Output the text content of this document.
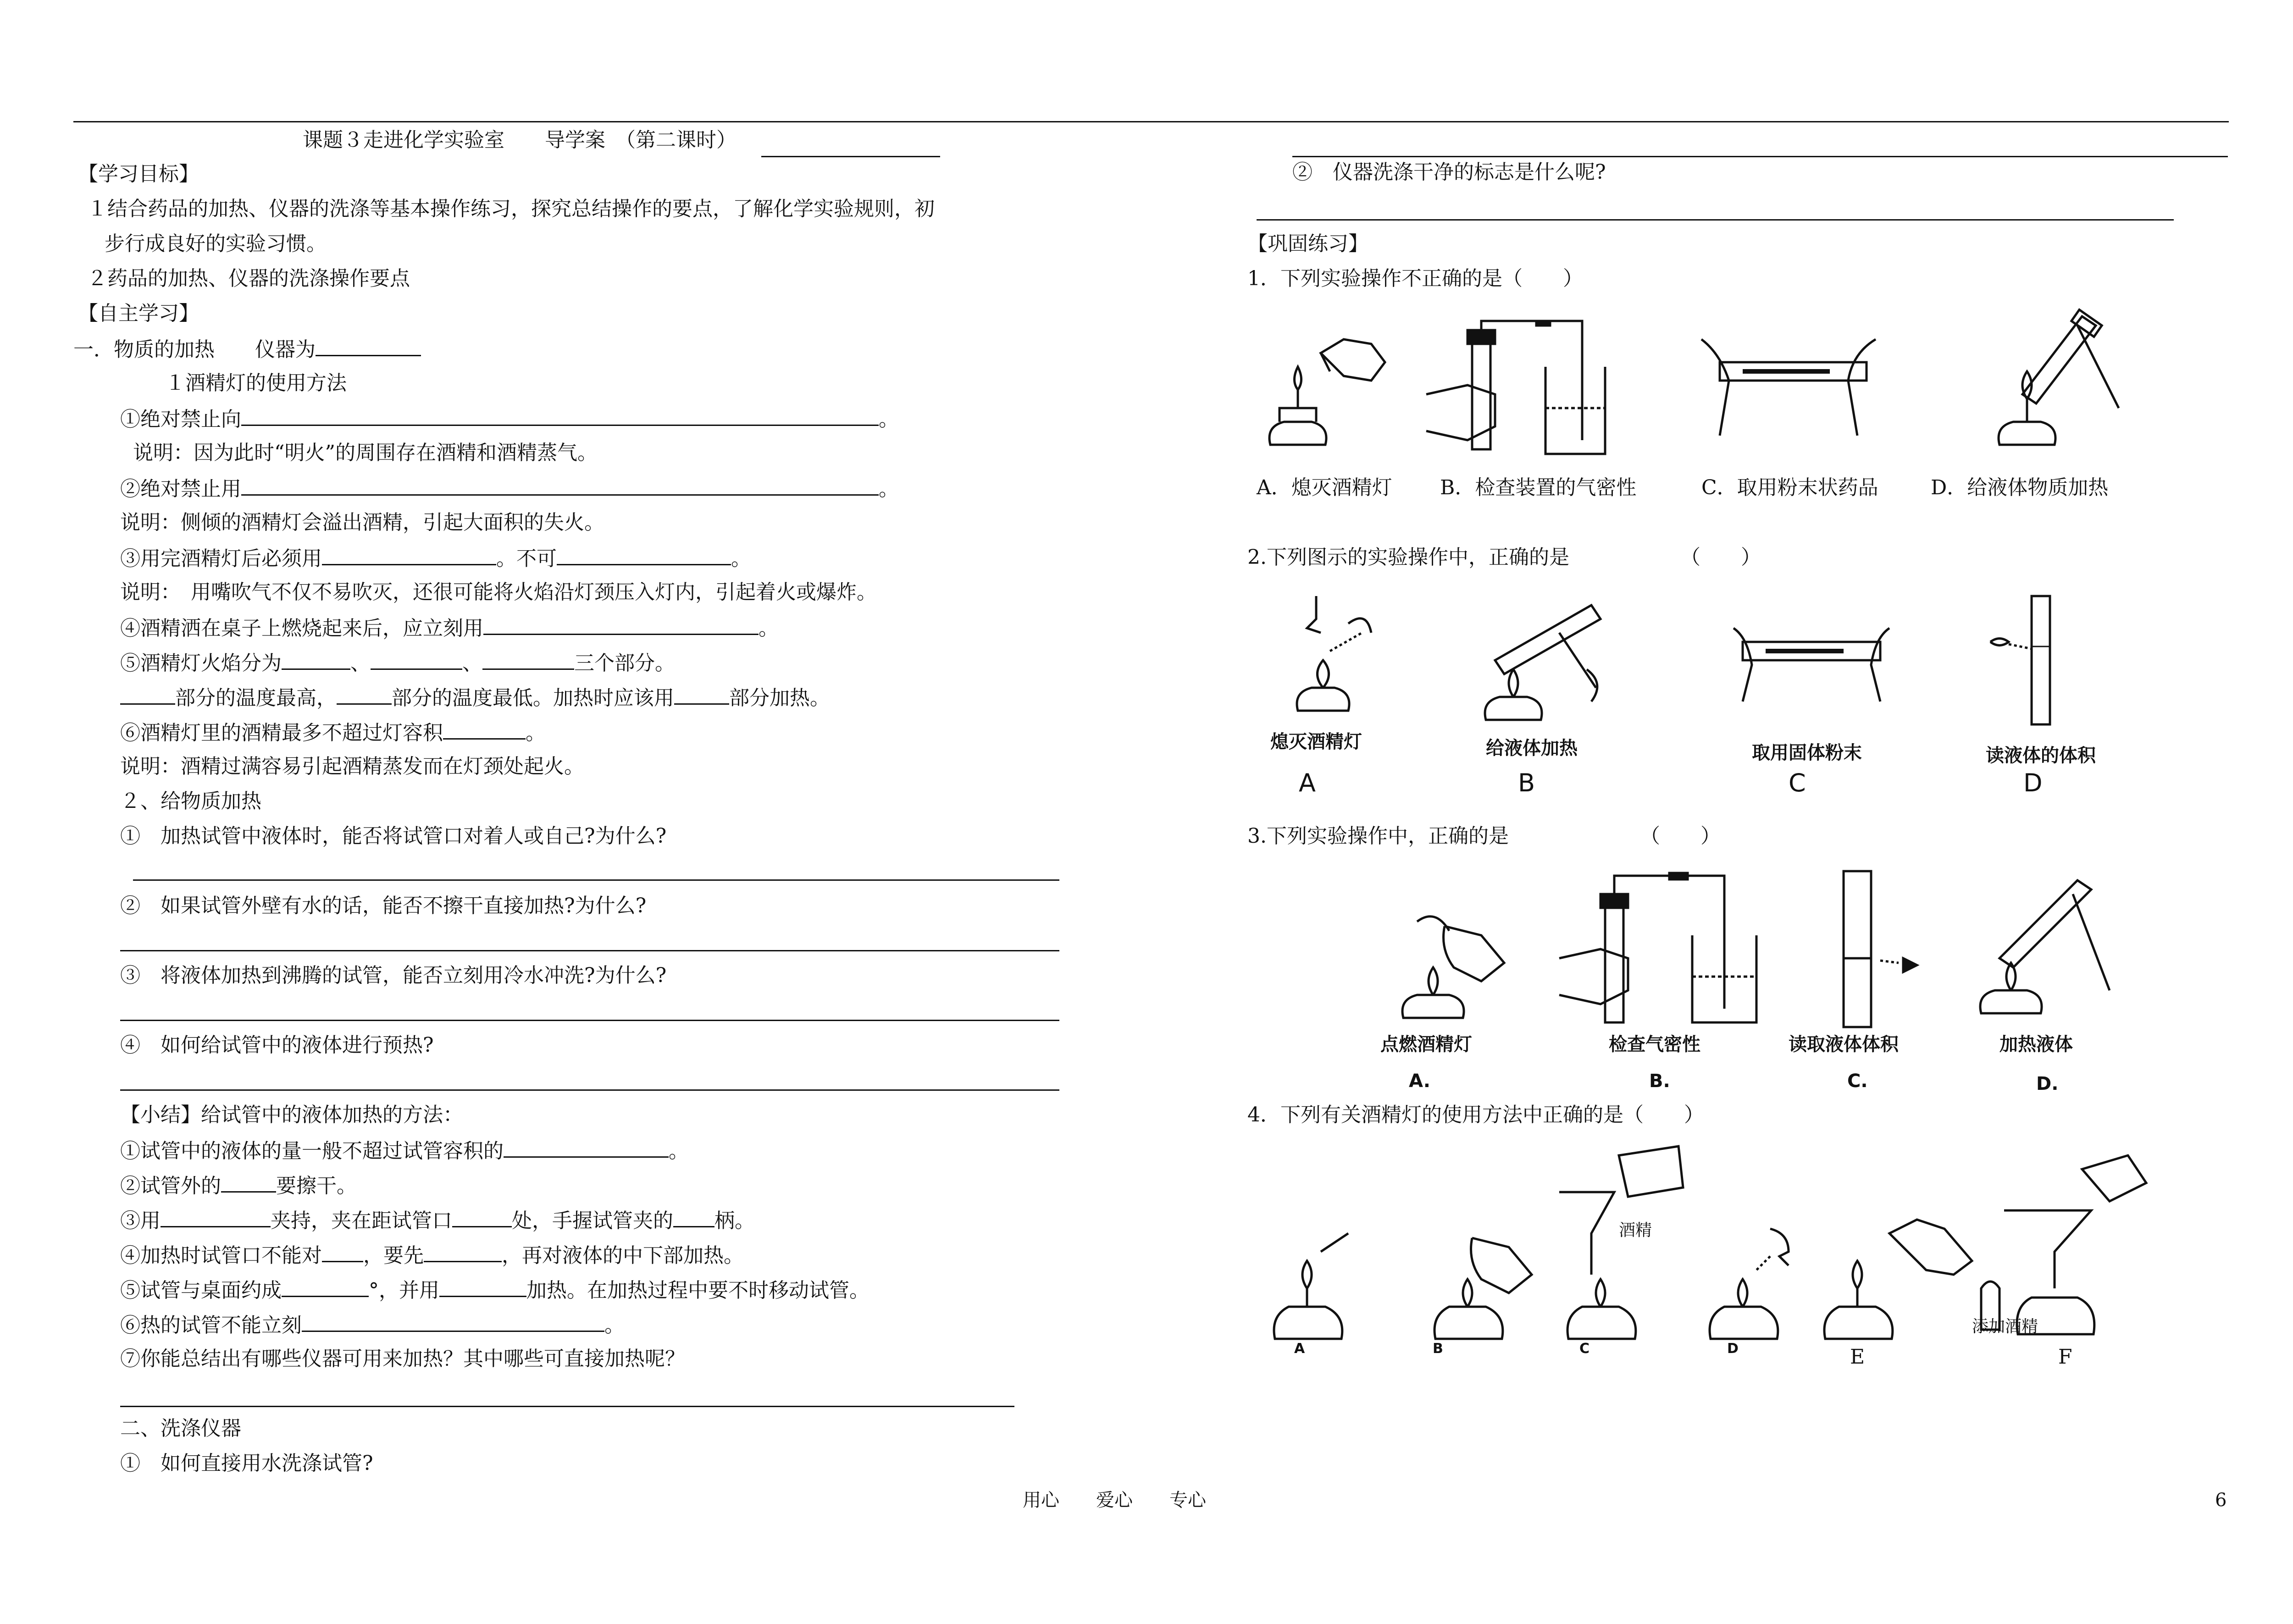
课题３走进化学实验室　　导学案　（第二课时）
【学习目标】
１结合药品的加热、仪器的洗涤等基本操作练习，探究总结操作的要点，了解化学实验规则，初
步行成良好的实验习惯。
２药品的加热、仪器的洗涤操作要点
【自主学习】
一．物质的加热　　仪器为
１酒精灯的使用方法
①绝对禁止向	。
说明：因为此时“明火”的周围存在酒精和酒精蒸气。
②绝对禁止用	。
说明：侧倾的酒精灯会溢出酒精，引起大面积的失火。
③用完酒精灯后必须用	。不可	。
说明：　用嘴吹气不仅不易吹灭，还很可能将火焰沿灯颈压入灯内，引起着火或爆炸。
④酒精洒在桌子上燃烧起来后，应立刻用	。
⑤酒精灯火焰分为	、	、	三个部分。
部分的温度最高，	部分的温度最低。加热时应该用	部分加热。
⑥酒精灯里的酒精最多不超过灯容积	。
说明：酒精过满容易引起酒精蒸发而在灯颈处起火。
２、给物质加热
①　加热试管中液体时，能否将试管口对着人或自己?为什么?
②　如果试管外壁有水的话，能否不擦干直接加热?为什么?
③　将液体加热到沸腾的试管，能否立刻用冷水冲洗?为什么?
④　如何给试管中的液体进行预热?
【小结】给试管中的液体加热的方法：
①试管中的液体的量一般不超过试管容积的	。
②试管外的	要擦干。
③用	夹持，夹在距试管口	处，手握试管夹的 柄。
④加热时试管口不能对 ，要先	，再对液体的中下部加热。
⑤试管与桌面约成	°，并用	加热。在加热过程中要不时移动试管。
⑥热的试管不能立刻	。
⑦你能总结出有哪些仪器可用来加热？其中哪些可直接加热呢？
二、洗涤仪器
①　如何直接用水洗涤试管?
②　仪器洗涤干净的标志是什么呢?
【巩固练习】
1．下列实验操作不正确的是（　　）
A．熄灭酒精灯 B．检查装置的气密性	C．取用粉末状药品	D．给液体物质加热
2.下列图示的实验操作中，正确的是　　　　　　（　　）
熄灭酒精灯	给液体加热	取用固体粉末	读液体的体积
A	B	C	D
3.下列实验操作中，正确的是　　　　　　　（　　）
点燃酒精灯	检查气密性	读取液体体积	加热液体
A.	B.	C.	D.
4．下列有关酒精灯的使用方法中正确的是（　　）
酒精
添加酒精
A	B	C	D	E	F
用心　　爱心　　专心	6
